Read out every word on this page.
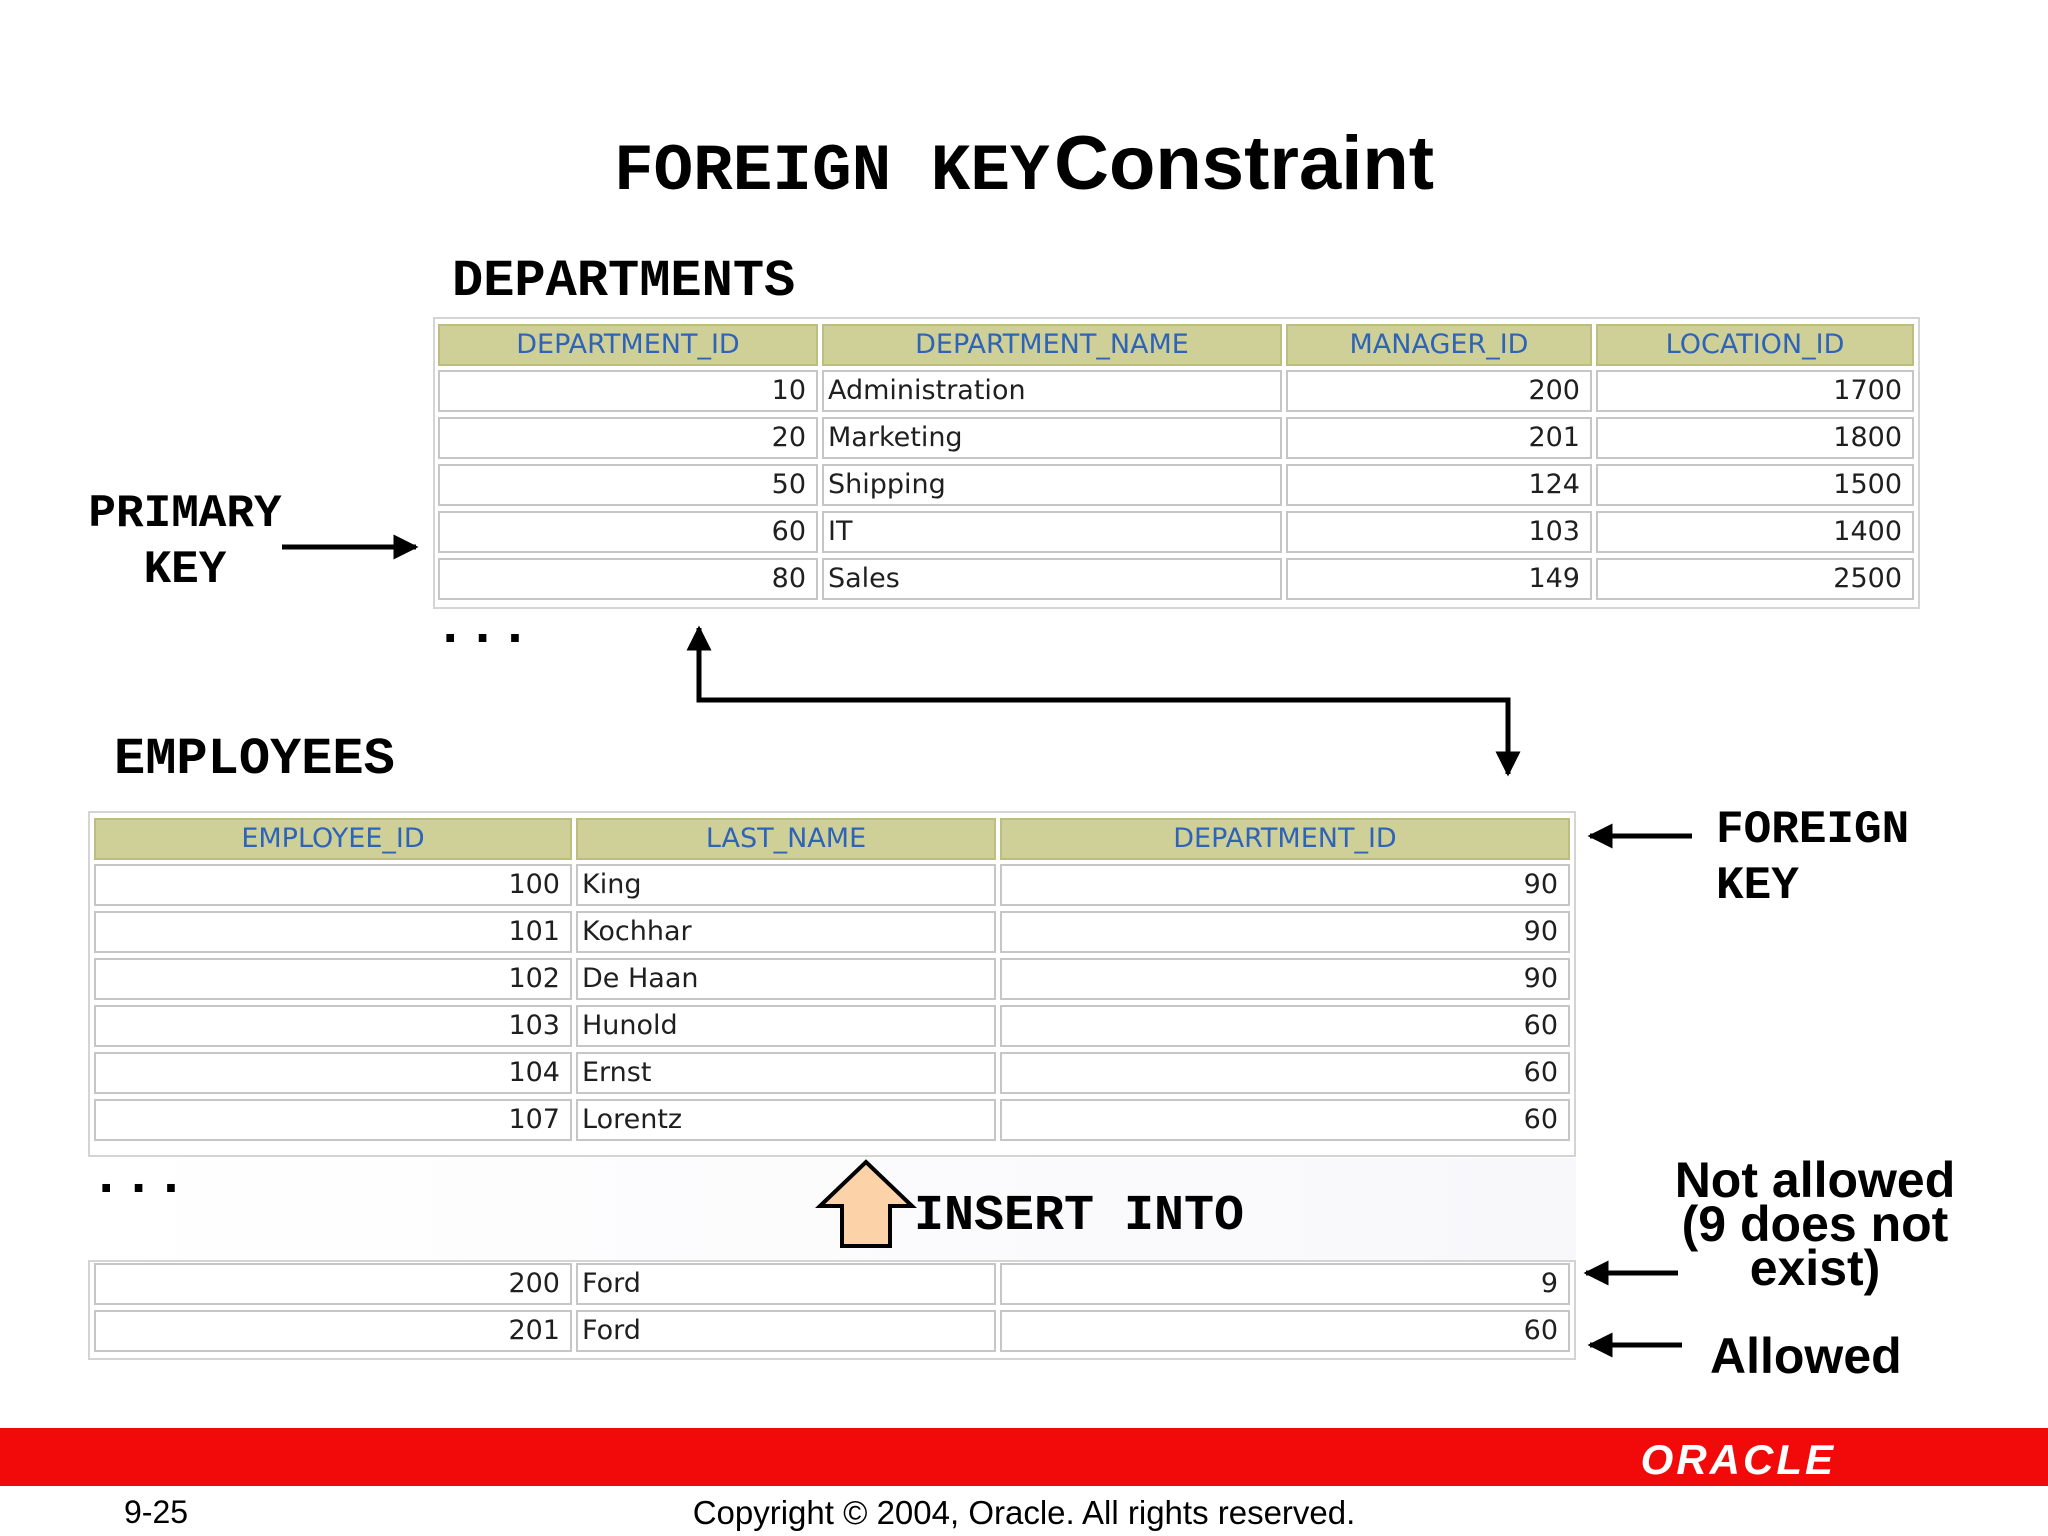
FOREIGN KEY Constraint
DEPARTMENTS
DEPARTMENT_ID	DEPARTMENT_NAME	MANAGER_ID	LOCATION_ID
10 Administration	200	1700
20 Marketing	201	1800
50 Shipping	124	1500
60 IT	103	1400
80 Sales	149	2500
...
PRIMARY
KEY
EMPLOYEES
EMPLOYEE_ID	LAST_NAME	DEPARTMENT_ID
100 King	90
101 Kochhar	90
102 De Haan	90
103 Hunold	60
104 Ernst	60
107 Lorentz	60
...
200 Ford	9
201 Ford	60
INSERT INTO
FOREIGN
KEY
Not allowed
(9 does not
exist)
Allowed
ORACLE
9-25	Copyright © 2004, Oracle. All rights reserved.
